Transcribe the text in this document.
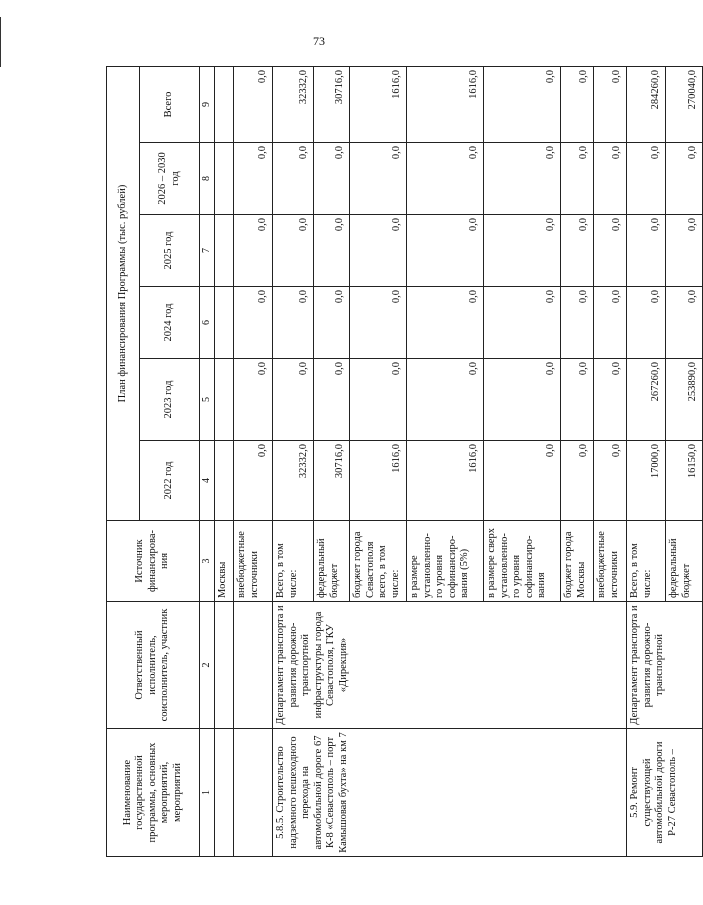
73
Наименование государственной программы, основных мероприятий, мероприятий	Ответственный исполнитель, соисполнитель, участник	Источник финансирова-ния	План финансирования Программы (тыс. рублей)					
			2022 год	2023 год	2024 год	2025 год	2026 – 2030 год	Всего
1	2	3	4	5	6	7	8	9
		Москвы						
		внебюджетные источники	0,0	0,0	0,0	0,0	0,0	0,0
5.8.5. Строительство надземного пешеходного перехода на автомобильной дороге 67 К-8 «Севастополь – порт Камышовая бухта» на км 7	Департамент транспорта и развития дорожно-транспортной инфраструктуры города Севастополя, ГКУ «Дирекция»	Всего, в том числе:	32332,0	0,0	0,0	0,0	0,0	32332,0
		федеральный бюджет	30716,0	0,0	0,0	0,0	0,0	30716,0
		бюджет города Севастополя всего, в том числе:	1616,0	0,0	0,0	0,0	0,0	1616,0
		в размере установленно-го уровня софинансиро-вания (5%)	1616,0	0,0	0,0	0,0	0,0	1616,0
		в размере сверх установленно-го уровня софинансиро-вания	0,0	0,0	0,0	0,0	0,0	0,0
		бюджет города Москвы	0,0	0,0	0,0	0,0	0,0	0,0
		внебюджетные источники	0,0	0,0	0,0	0,0	0,0	0,0
5.9. Ремонт существующей автомобильной дороги Р-27 Севастополь –	Департамент транспорта и развития дорожно-транспортной	Всего, в том числе:	17000,0	267260,0	0,0	0,0	0,0	284260,0
		федеральный бюджет	16150,0	253890,0	0,0	0,0	0,0	270040,0
